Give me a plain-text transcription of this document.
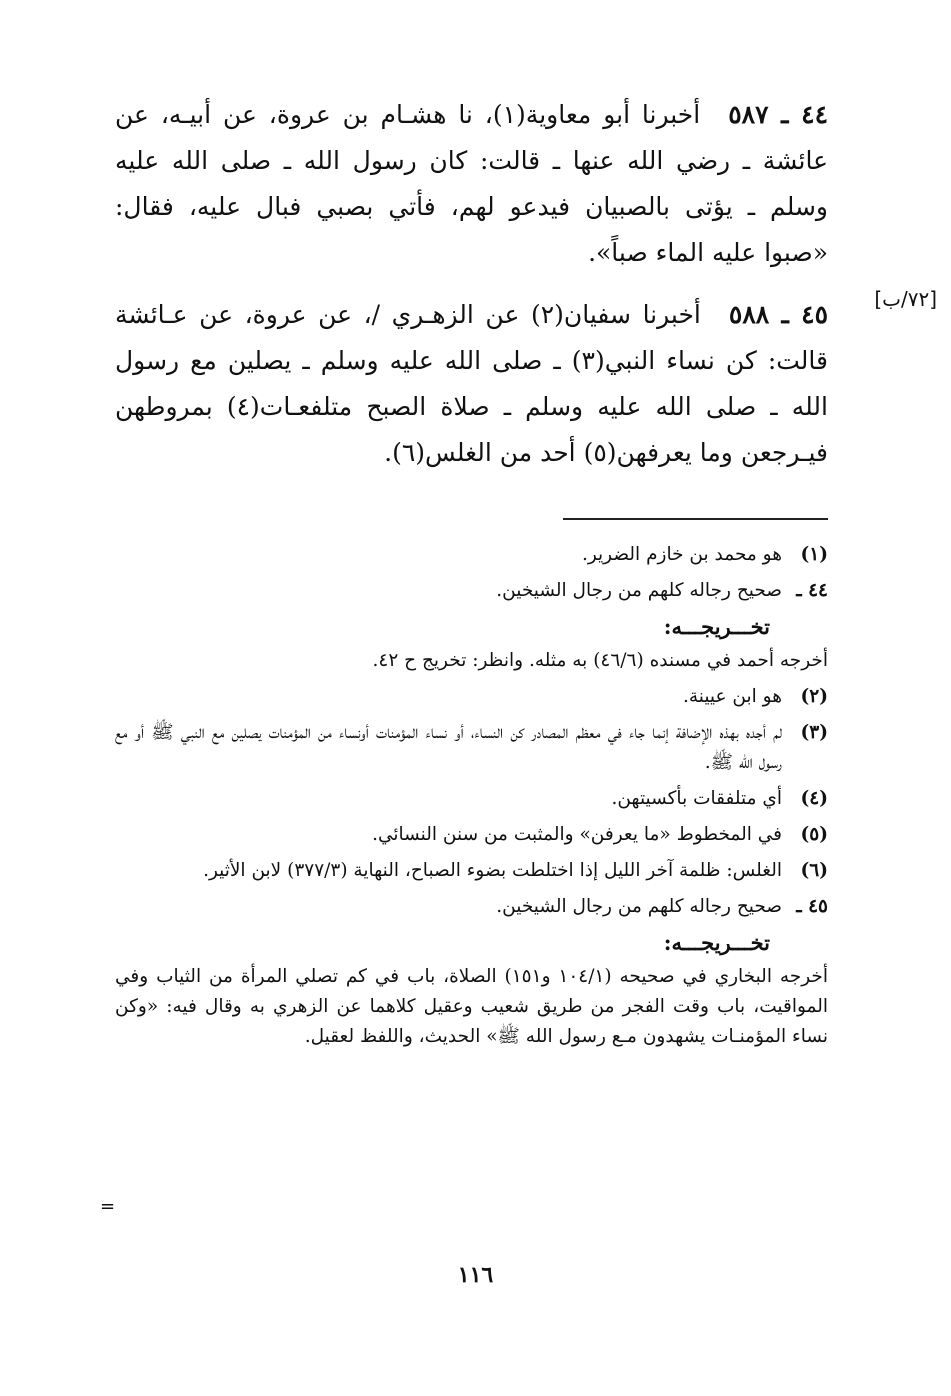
٤٤ ـ ٥٨٧أخبرنا أبو معاوية(١)، نا هشـام بن عروة، عن أبيـه، عن عائشة ـ رضي الله عنها ـ قالت: كان رسول الله ـ صلى الله عليه وسلم ـ يؤتى بالصبيان فيدعو لهم، فأتي بصبي فبال عليه، فقال: «صبوا عليه الماء صباً».

٤٥ ـ ٥٨٨أخبرنا سفيان(٢) عن الزهـري /، عن عروة، عن عـائشة قالت: كن نساء النبي(٣) ـ صلى الله عليه وسلم ـ يصلين مع رسول الله ـ صلى الله عليه وسلم ـ صلاة الصبح متلفعـات(٤) بمروطهن فيـرجعن وما يعرفهن(٥) أحد من الغلس(٦).

[٧٢/ب]
(١)
هو محمد بن خازم الضرير.
٤٤ ـ
صحيح رجاله كلهم من رجال الشيخين.
تخـــريجـــه:
أخرجه أحمد في مسنده (٤٦/٦) به مثله. وانظر: تخريج ح ٤٢.
(٢)
هو ابن عيينة.
(٣)
لم أجده بهذه الإضافة إنما جاء في معظم المصادر كن النساء، أو نساء المؤمنات أونساء من المؤمنات يصلين مع النبي ﷺ أو مع رسول الله ﷺ.
(٤)
أي متلفقات بأكسيتهن.
(٥)
في المخطوط «ما يعرفن» والمثبت من سنن النسائي.
(٦)
الغلس: ظلمة آخر الليل إذا اختلطت بضوء الصباح، النهاية (٣٧٧/٣) لابن الأثير.
٤٥ ـ
صحيح رجاله كلهم من رجال الشيخين.
تخـــريجـــه:
أخرجه البخاري في صحيحه (١٠٤/١ و١٥١) الصلاة، باب في كم تصلي المرأة من الثياب وفي المواقيت، باب وقت الفجر من طريق شعيب وعقيل كلاهما عن الزهري به وقال فيه: «وكن نساء المؤمنـات يشهدون مـع رسول الله ﷺ» الحديث، واللفظ لعقيل.
=
١١٦
